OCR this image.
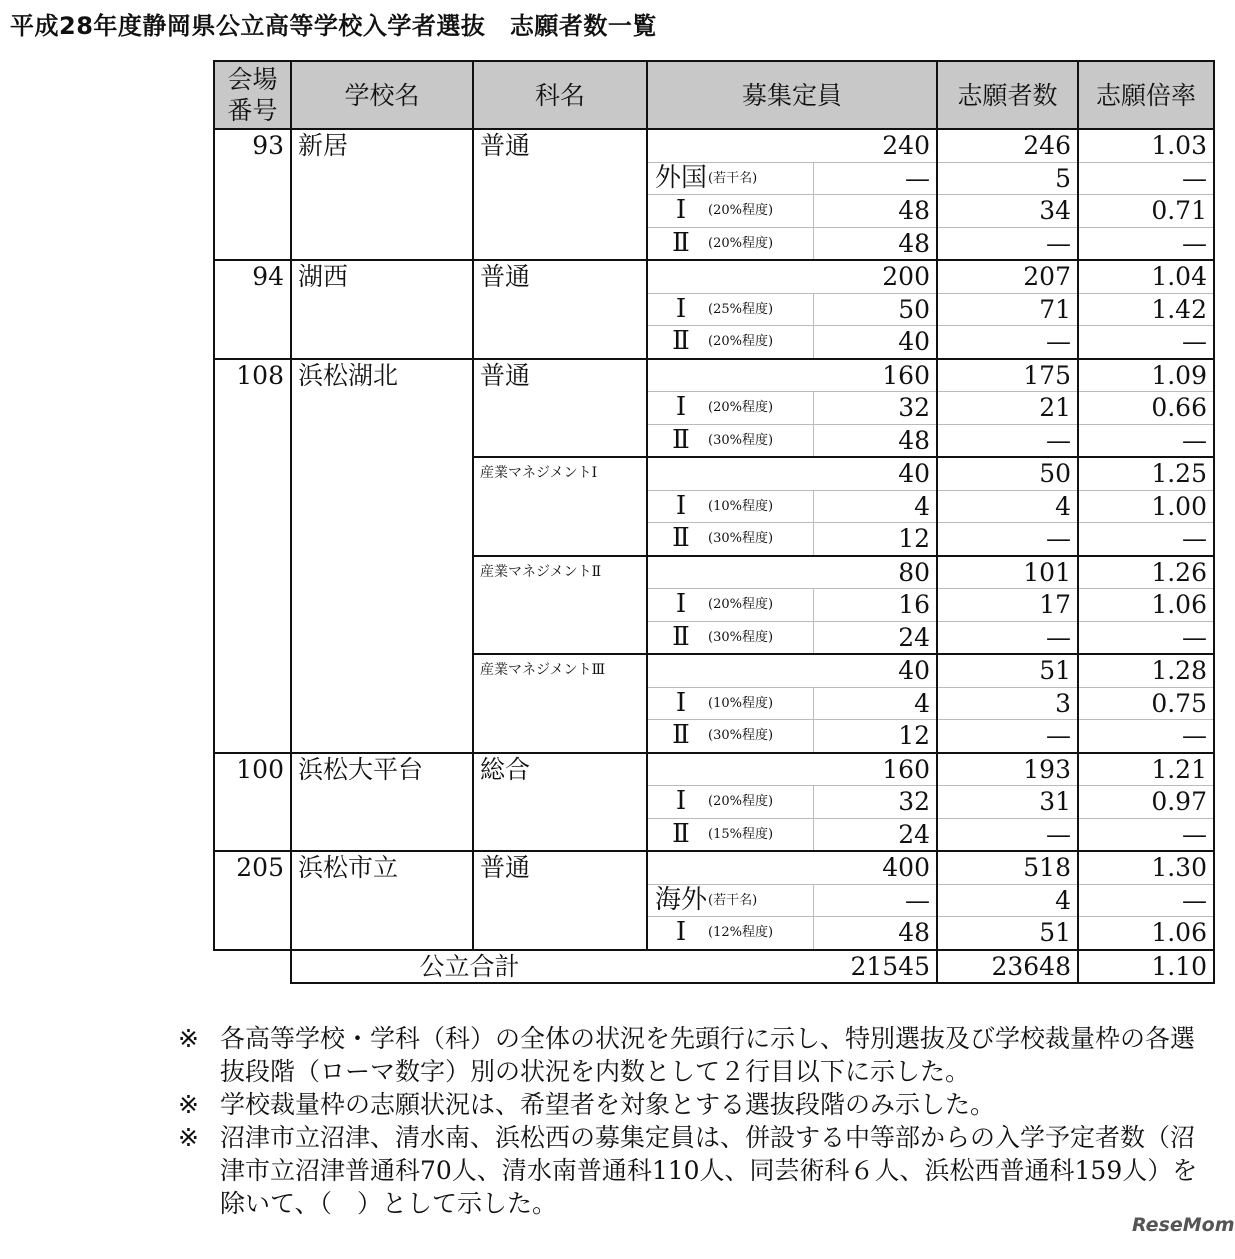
平成28年度静岡県公立高等学校入学者選抜　志願者数一覧
会場番号	学校名	科名	募集定員		志願者数	志願倍率
93	新居	普通	240		246	1.03

			外国 (若干名)	—	5	—

			Ⅰ (20%程度)	48	34	0.71

			Ⅱ (20%程度)	48	—	—
94	湖西	普通	200		207	1.04

			Ⅰ (25%程度)	50	71	1.42

			Ⅱ (20%程度)	40	—	—
108	浜松湖北	普通	160		175	1.09

			Ⅰ (20%程度)	32	21	0.66

			Ⅱ (30%程度)	48	—	—
		産業マネジメントⅠ	40		50	1.25

			Ⅰ (10%程度)	4	4	1.00

			Ⅱ (30%程度)	12	—	—
		産業マネジメントⅡ	80		101	1.26

			Ⅰ (20%程度)	16	17	1.06

			Ⅱ (30%程度)	24	—	—
		産業マネジメントⅢ	40		51	1.28

			Ⅰ (10%程度)	4	3	0.75

			Ⅱ (30%程度)	12	—	—
100	浜松大平台	総合	160		193	1.21

			Ⅰ (20%程度)	32	31	0.97

			Ⅱ (15%程度)	24	—	—
205	浜松市立	普通	400		518	1.30

			海外 (若干名)	—	4	—

			Ⅰ (12%程度)	48	51	1.06
	公立合計		21545		23648	1.10
※ 各高等学校・学科（科）の全体の状況を先頭行に示し、特別選抜及び学校裁量枠の各選抜段階（ローマ数字）別の状況を内数として２行目以下に示した。
※ 学校裁量枠の志願状況は、希望者を対象とする選抜段階のみ示した。
※ 沼津市立沼津、清水南、浜松西の募集定員は、併設する中等部からの入学予定者数（沼津市立沼津普通科70人、清水南普通科110人、同芸術科６人、浜松西普通科159人）を除いて、（　）として示した。
ReseMom
